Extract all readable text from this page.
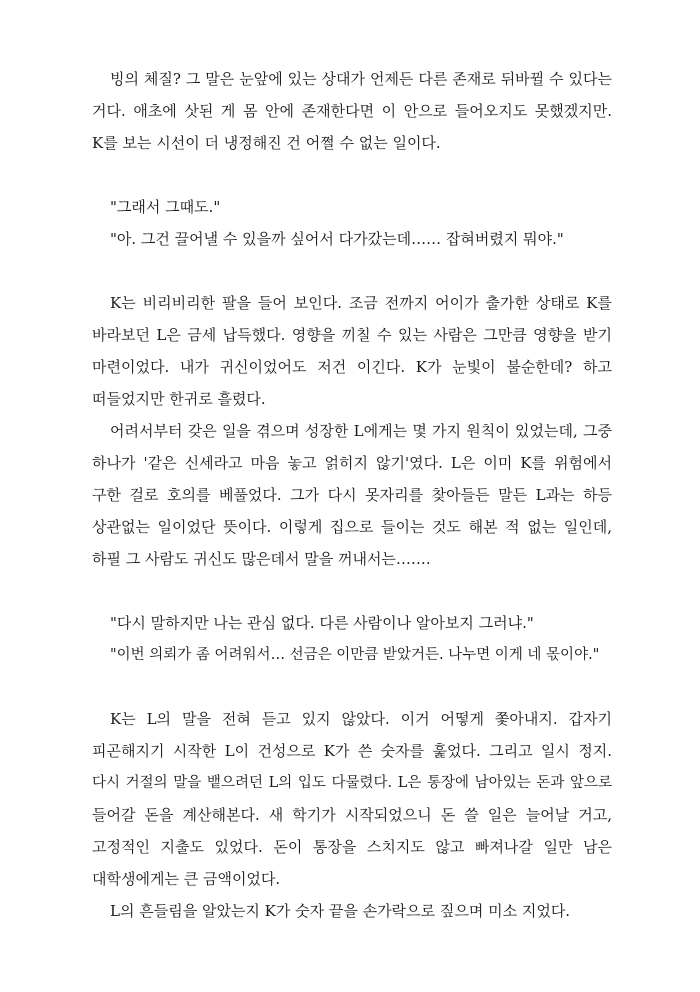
빙의 체질? 그 말은 눈앞에 있는 상대가 언제든 다른 존재로 뒤바뀔 수 있다는
거다. 애초에 삿된 게 몸 안에 존재한다면 이 안으로 들어오지도 못했겠지만.
K를 보는 시선이 더 냉정해진 건 어쩔 수 없는 일이다.
"그래서 그때도."
"아. 그건 끌어낼 수 있을까 싶어서 다가갔는데…… 잡혀버렸지 뭐야."
K는 비리비리한 팔을 들어 보인다. 조금 전까지 어이가 출가한 상태로 K를
바라보던 L은 금세 납득했다. 영향을 끼칠 수 있는 사람은 그만큼 영향을 받기
마련이었다. 내가 귀신이었어도 저건 이긴다. K가 눈빛이 불순한데? 하고
떠들었지만 한귀로 흘렸다.
어려서부터 갖은 일을 겪으며 성장한 L에게는 몇 가지 원칙이 있었는데, 그중
하나가 '같은 신세라고 마음 놓고 얽히지 않기'였다. L은 이미 K를 위험에서
구한 걸로 호의를 베풀었다. 그가 다시 못자리를 찾아들든 말든 L과는 하등
상관없는 일이었단 뜻이다. 이렇게 집으로 들이는 것도 해본 적 없는 일인데,
하필 그 사람도 귀신도 많은데서 말을 꺼내서는…….
"다시 말하지만 나는 관심 없다. 다른 사람이나 알아보지 그러냐."
"이번 의뢰가 좀 어려워서… 선금은 이만큼 받았거든. 나누면 이게 네 몫이야."
K는 L의 말을 전혀 듣고 있지 않았다. 이거 어떻게 쫓아내지. 갑자기
피곤해지기 시작한 L이 건성으로 K가 쓴 숫자를 훑었다. 그리고 일시 정지.
다시 거절의 말을 뱉으려던 L의 입도 다물렸다. L은 통장에 남아있는 돈과 앞으로
들어갈 돈을 계산해본다. 새 학기가 시작되었으니 돈 쓸 일은 늘어날 거고,
고정적인 지출도 있었다. 돈이 통장을 스치지도 않고 빠져나갈 일만 남은
대학생에게는 큰 금액이었다.
L의 흔들림을 알았는지 K가 숫자 끝을 손가락으로 짚으며 미소 지었다.
